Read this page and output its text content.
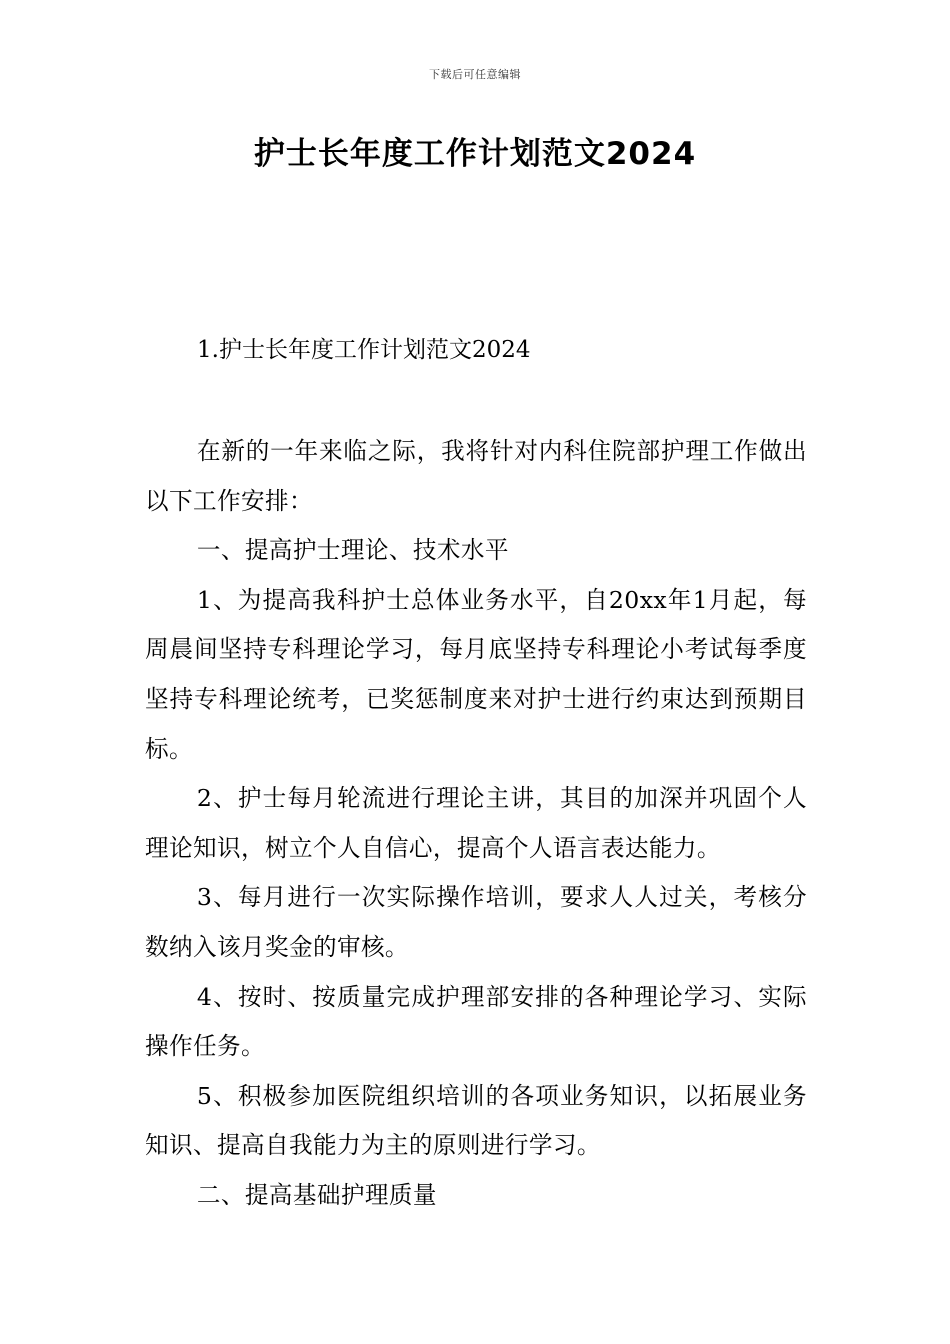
下载后可任意编辑
护士长年度工作计划范文2024
1.护士长年度工作计划范文2024

在新的一年来临之际，我将针对内科住院部护理工作做出以下工作安排：

一、提高护士理论、技术水平

1、为提高我科护士总体业务水平，自20xx年1月起，每周晨间坚持专科理论学习，每月底坚持专科理论小考试每季度坚持专科理论统考，已奖惩制度来对护士进行约束达到预期目标。

2、护士每月轮流进行理论主讲，其目的加深并巩固个人理论知识，树立个人自信心，提高个人语言表达能力。

3、每月进行一次实际操作培训，要求人人过关，考核分数纳入该月奖金的审核。

4、按时、按质量完成护理部安排的各种理论学习、实际操作任务。

5、积极参加医院组织培训的各项业务知识，以拓展业务知识、提高自我能力为主的原则进行学习。

二、提高基础护理质量
